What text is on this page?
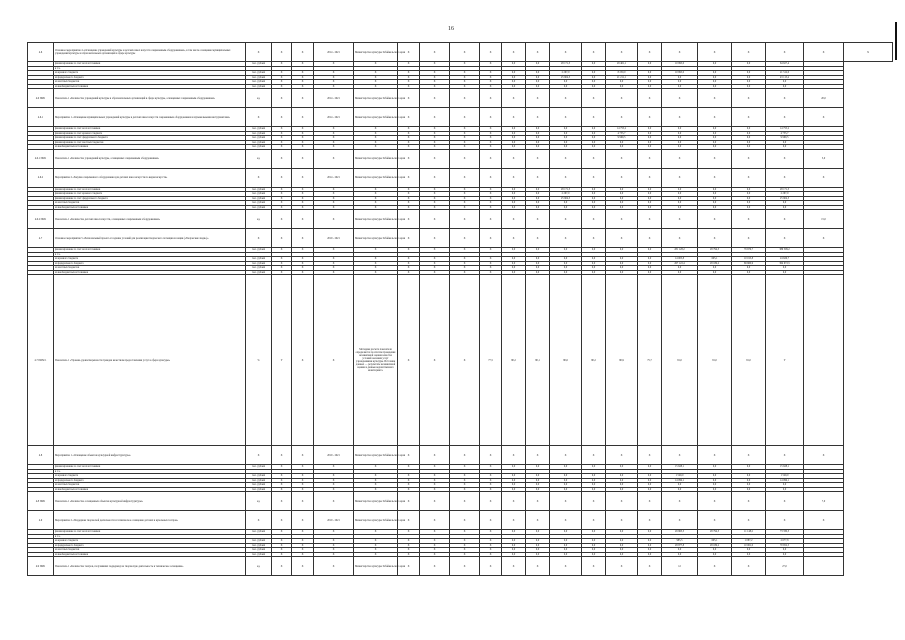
16
4.6	Основное мероприятие 4 «Оснащение учреждений культуры и детских школ искусств современным оборудованием», в том числе оснащение муниципальных учреждений культуры и образовательных организаций в сфере культуры	Х	Х	Х	2014 - 2021	Министерство культуры Забайкальского края	Х	Х	Х	Х	Х	Х	Х	Х	Х	Х	Х	Х	Х	Х	Х	Х
	финансирование за счет всех источников	тыс. рублей	Х	Х	Х	Х	Х	Х	Х	Х	0,0	0,0	28 171,3	0,0	29 461,1	0,0	10 995,0	0,0	0,0	64 627,4		
	в т.ч.																					
	из краевого бюджета	тыс. рублей	Х	Х	Х	Х	Х	Х	Х	Х	0,0	0,0	2 267,0	0,0	8 250,0	0,0	10 995,0	0,0	0,0	21 512,0		
	из федерального бюджета	тыс. рублей	Х	Х	Х	Х	Х	Х	Х	Х	0,0	0,0	25 904,3	0,0	21 211,1	0,0	0,0	0,0	0,0	43 115,4		
	из местных бюджетов	тыс. рублей	Х	Х	Х	Х	Х	Х	Х	Х	0,0	0,0	0,0	0,0	0,0	0,0	0,0	0,0	0,0	0,0		
	из внебюджетных источников	тыс. рублей	Х	Х	Х	Х	Х	Х	Х	Х	0,0	0,0	0,0	0,0	0,0	0,0	0,0	0,0	0,0	0,0		
4.6 ПМ1	Показатель 1 «Количество учреждений культуры и образовательных организаций в сфере культуры, оснащенных современным оборудованием»	ед.	Х	Х	2014 - 2021	Министерство культуры Забайкальского края	Х	Х	Х	Х	Х	Х	Х	Х	Х	Х	Х	Х	Х	Х	20,0	
4.6.1	Мероприятие 1 «Оснащение муниципальных учреждений культуры и детских школ искусств современным оборудованием и музыкальными инструментами»	Х	Х	Х	2014 - 2021	Министерство культуры Забайкальского края	Х	Х	Х	Х	Х	Х	Х	Х	Х	Х	Х	Х	Х	Х	Х	
	финансирование за счет всех источников	тыс. рублей	Х	Х	Х	Х	Х	Х	Х	Х	0,0	0,0	0,0	0,0	14 755,2	0,0	0,0	0,0	0,0	14 755,2		
	финансирование за счет краевого бюджета	тыс. рублей	Х	Х	Х	Х	Х	Х	Х	Х	0,0	0,0	0,0	0,0	4 755,7	0,0	0,0	0,0	0,0	4 755,7		
	финансирование за счет федерального бюджета	тыс. рублей	Х	Х	Х	Х	Х	Х	Х	Х	0,0	0,0	0,0	0,0	9 999,5	0,0	0,0	0,0	0,0	9 999,5		
	финансирование за счет местных бюджетов	тыс. рублей	Х	Х	Х	Х	Х	Х	Х	Х	0,0	0,0	0,0	0,0	0,0	0,0	0,0	0,0	0,0	0,0		
	из внебюджетных источников	тыс. рублей	Х	Х	Х	Х	Х	Х	Х	Х	0,0	0,0	0,0	0,0	0,0	0,0	0,0	0,0	0,0	0,0		
4.6.1 ПМ1	Показатель 1 «Количество учреждений культуры, оснащенных современным оборудованием»	ед.	Х	Х	Х	Министерство культуры Забайкальского края	Х	Х	Х	Х	Х	Х	Х	Х	Х	Х	Х	Х	Х	Х	5,0	
4.6.2	Мероприятие 2 «Закупка современного оборудования для детских школ искусств по видам искусств»	Х	Х	Х	2014 - 2021	Министерство культуры Забайкальского края	Х	Х	Х	Х	Х	Х	Х	Х	Х	Х	Х	Х	Х	Х	Х	
	финансирование за счет всех источников	тыс. рублей	Х	Х	Х	Х	Х	Х	Х	Х	0,0	0,0	28 171,3	0,0	0,0	0,0	0,0	0,0	0,0	28 171,3		
	финансирование за счет краевого бюджета	тыс. рублей	Х	Х	Х	Х	Х	Х	Х	Х	0,0	0,0	2 267,0	0,0	0,0	0,0	0,0	0,0	0,0	2 267,0		
	финансирование за счет федерального бюджета	тыс. рублей	Х	Х	Х	Х	Х	Х	Х	Х	0,0	0,0	25 904,3	0,0	0,0	0,0	0,0	0,0	0,0	25 904,3		
	из местных бюджетов	тыс. рублей	Х	Х	Х	Х	Х	Х	Х	Х	0,0	0,0	0,0	0,0	0,0	0,0	0,0	0,0	0,0	0,0		
	из внебюджетных источников	тыс. рублей	Х	Х	Х	Х	Х	Х	Х	Х	0,0	0,0	0,0	0,0	0,0	0,0	0,0	0,0	0,0	0,0		
4.6.2 ПМ1	Показатель 1 «Количество детских школ искусств, оснащенных современным оборудованием»	ед.	Х	Х	Х	Министерство культуры Забайкальского края	Х	Х	Х	Х	Х	Х	Х	Х	Х	Х	Х	Х	Х	Х	15,0	
4.7	Основное мероприятие 5 «Региональный проект «Создание условий для реализации творческого потенциала нации («Творческие люди»)»	Х	Х	Х	2019 - 2021	Министерство культуры Забайкальского края	Х	Х	Х	Х	Х	Х	Х	Х	Х	Х	Х	Х	Х	Х	Х	
	финансирование за счет всех источников	тыс. рублей	Х	Х	Х	Х	Х	Х	Х	Х	0,0	0,0	0,0	0,0	0,0	0,0	281 128,2	28 794,3	79 676,7	389 599,2		
	в т.ч.																					
	из краевого бюджета	тыс. рублей	Х	Х	Х	Х	Х	Х	Х	Х	0,0	0,0	0,0	0,0	0,0	0,0	14 005,8	605,1	10 015,8	24 626,7		
	из федерального бюджета	тыс. рублей	Х	Х	Х	Х	Х	Х	Х	Х	0,0	0,0	0,0	0,0	0,0	0,0	267 122,4	28 189,2	69 660,9	364 972,5		
	из местных бюджетов	тыс. рублей	Х	Х	Х	Х	Х	Х	Х	Х	0,0	0,0	0,0	0,0	0,0	0,0	0,0	0,0	0,0	0,0		
	из внебюджетных источников	тыс. рублей	Х	Х	Х	Х	Х	Х	Х	Х	0,0	0,0	0,0	0,0	0,0	0,0	0,0	0,0	0,0	0,0		
4.7 ПОМ 1	Показатель 1 «Уровень удовлетворенности граждан качеством предоставления услуг в сфере культуры»	%	У	Х	Х	Методика расчета показателя определяется по итогам проведения независимой оценки качества условий оказания услуг учреждениями культуры. Источник данных — результаты независимой оценки и данные ведомственного мониторинга.	Х	Х	Х	77,5	80,2	80,1	80,6	80,2	80,9	75,7	81,0	81,0	81,0	У		
4.8	Мероприятие 1 «Оснащение объектов культурной инфраструктуры»	Х	Х	Х	2019 - 2021	Министерство культуры Забайкальского края	Х	Х	Х	Х	Х	Х	Х	Х	Х	Х	Х	Х	Х	Х	Х	
	финансирование за счет всех источников	тыс. рублей	Х	Х	Х	Х	Х	Х	Х	Х	0,0	0,0	0,0	0,0	0,0	0,0	15 628,1	0,0	0,0	15 628,1		
	в т.ч.																					
	из краевого бюджета	тыс. рублей	Х	Х	Х	Х	Х	Х	Х	Х	0,0	0,0	0,0	0,0	0,0	0,0	1 529,0	0,0	0,0	1 529,0		
	из федерального бюджета	тыс. рублей	Х	Х	Х	Х	Х	Х	Х	Х	0,0	0,0	0,0	0,0	0,0	0,0	14 099,1	0,0	0,0	14 099,1		
	из местных бюджетов	тыс. рублей	Х	Х	Х	Х	Х	Х	Х	Х	0,0	0,0	0,0	0,0	0,0	0,0	0,0	0,0	0,0	0,0		
	из внебюджетных источников	тыс. рублей	Х	Х	Х	Х	Х	Х	Х	Х	0,0	0,0	0,0	0,0	0,0	0,0	0,0	0,0	0,0	0,0		
4.8 ПМ1	Показатель 1 «Количество оснащенных объектов культурной инфраструктуры»	ед.	Х	Х	Х	Министерство культуры Забайкальского края	Х	Х	Х	Х	Х	Х	Х	Х	Х	Х	Х	Х	Х	Х	7,0	
4.9	Мероприятие 2 «Поддержка творческой деятельности и техническое оснащение детских и кукольных театров»	Х	Х	Х	2019 - 2021	Министерство культуры Забайкальского края	Х	Х	Х	Х	Х	Х	Х	Х	Х	Х	Х	Х	Х	Х	Х	
	финансирование за счет всех источников	тыс. рублей	Х	Х	Х	Х	Х	Х	Х	Х	0,0	0,0	0,0	0,0	0,0	0,0	29 863,3	28 794,3	11 148,2	73 330,3		
	в т.ч.																					
	из краевого бюджета	тыс. рублей	Х	Х	Х	Х	Х	Х	Х	Х	0,0	0,0	0,0	0,0	0,0	0,0	985,5	605,1	1 087,2	2 677,8		
	из федерального бюджета	тыс. рублей	Х	Х	Х	Х	Х	Х	Х	Х	0,0	0,0	0,0	0,0	0,0	0,0	28 877,8	28 189,2	10 061,0	70 652,5		
	из местных бюджетов	тыс. рублей	Х	Х	Х	Х	Х	Х	Х	Х	0,0	0,0	0,0	0,0	0,0	0,0	0,0	0,0	0,0	0,0		
	из внебюджетных источников	тыс. рублей	Х	Х	Х	Х	Х	Х	Х	Х	0,0	0,0	0,0	0,0	0,0	0,0	0,0	0,0	0,0	0,0		
4.9 ПМ1	Показатель 1 «Количество театров, получивших поддержку на творческую деятельность и техническое оснащение»	ед.	Х	Х	Х	Министерство культуры Забайкальского края	Х	Х	Х	Х	Х	Х	Х	Х	Х	Х	12	Х	Х	27,0		
